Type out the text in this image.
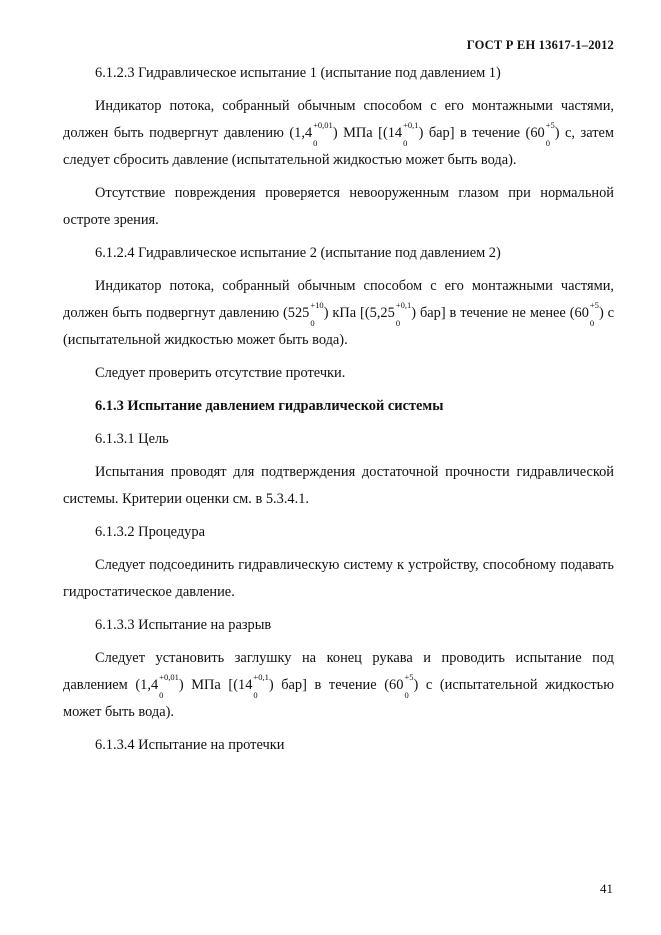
ГОСТ Р ЕН 13617-1–2012

6.1.2.3 Гидравлическое испытание 1 (испытание под давлением 1)

Индикатор потока, собранный обычным способом с его монтажными частями, должен быть подвергнут давлению (1,4 +0,01
0
) МПа [(14 +0,1
0
) бар] в течение (60 +5
0
) с, затем следует сбросить давление (испытательной жидкостью может быть вода).

Отсутствие повреждения проверяется невооруженным глазом при нормальной остроте зрения.

6.1.2.4 Гидравлическое испытание 2 (испытание под давлением 2)

Индикатор потока, собранный обычным способом с его монтажными частями, должен быть подвергнут давлению (525 +10
0
) кПа [(5,25 +0,1
0
) бар] в течение не менее (60 +5
0
) с (испытательной жидкостью может быть вода).

Следует проверить отсутствие протечки.

6.1.3 Испытание давлением гидравлической системы

6.1.3.1 Цель

Испытания проводят для подтверждения достаточной прочности гидравлической системы. Критерии оценки см. в 5.3.4.1.

6.1.3.2 Процедура

Следует подсоединить гидравлическую систему к устройству, способному подавать гидростатическое давление.

6.1.3.3 Испытание на разрыв

Следует установить заглушку на конец рукава и проводить испытание под давлением (1,4 +0,01
0
) МПа [(14 +0,1
0
) бар] в течение (60 +5
0
) с (испытательной жидкостью может быть вода).

6.1.3.4 Испытание на протечки

41
